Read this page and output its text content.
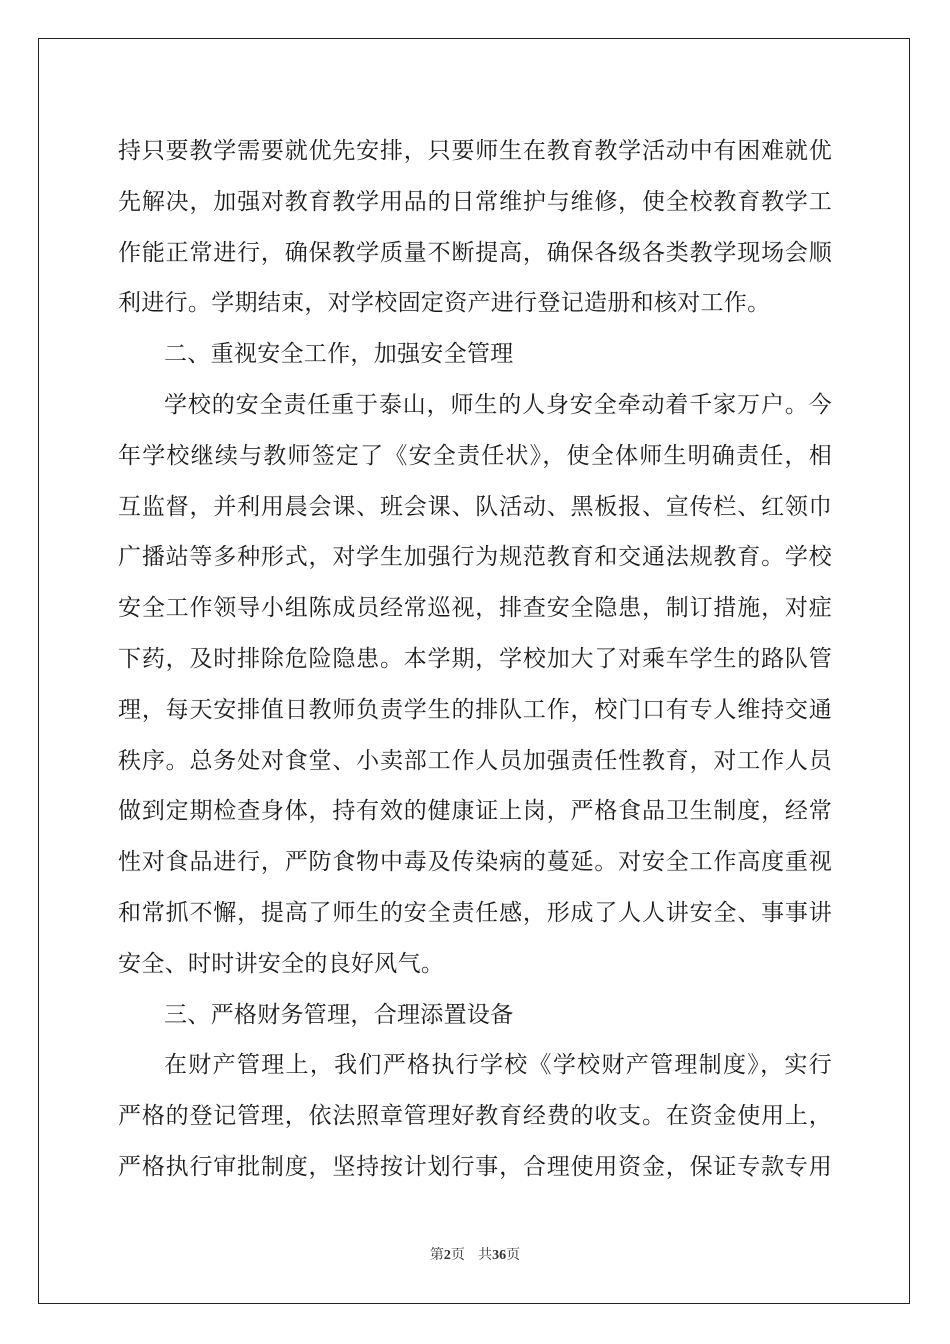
持只要教学需要就优先安排，只要师生在教育教学活动中有困难就优
先解决，加强对教育教学用品的日常维护与维修，使全校教育教学工
作能正常进行，确保教学质量不断提高，确保各级各类教学现场会顺
利进行。学期结束，对学校固定资产进行登记造册和核对工作。
二、重视安全工作，加强安全管理
学校的安全责任重于泰山，师生的人身安全牵动着千家万户。今
年学校继续与教师签定了《安全责任状》，使全体师生明确责任，相
互监督，并利用晨会课、班会课、队活动、黑板报、宣传栏、红领巾
广播站等多种形式，对学生加强行为规范教育和交通法规教育。学校
安全工作领导小组陈成员经常巡视，排查安全隐患，制订措施，对症
下药，及时排除危险隐患。本学期，学校加大了对乘车学生的路队管
理，每天安排值日教师负责学生的排队工作，校门口有专人维持交通
秩序。总务处对食堂、小卖部工作人员加强责任性教育，对工作人员
做到定期检查身体，持有效的健康证上岗，严格食品卫生制度，经常
性对食品进行，严防食物中毒及传染病的蔓延。对安全工作高度重视
和常抓不懈，提高了师生的安全责任感，形成了人人讲安全、事事讲
安全、时时讲安全的良好风气。
三、严格财务管理，合理添置设备
在财产管理上，我们严格执行学校《学校财产管理制度》，实行
严格的登记管理，依法照章管理好教育经费的收支。在资金使用上，
严格执行审批制度，坚持按计划行事，合理使用资金，保证专款专用
第2页 共36页
